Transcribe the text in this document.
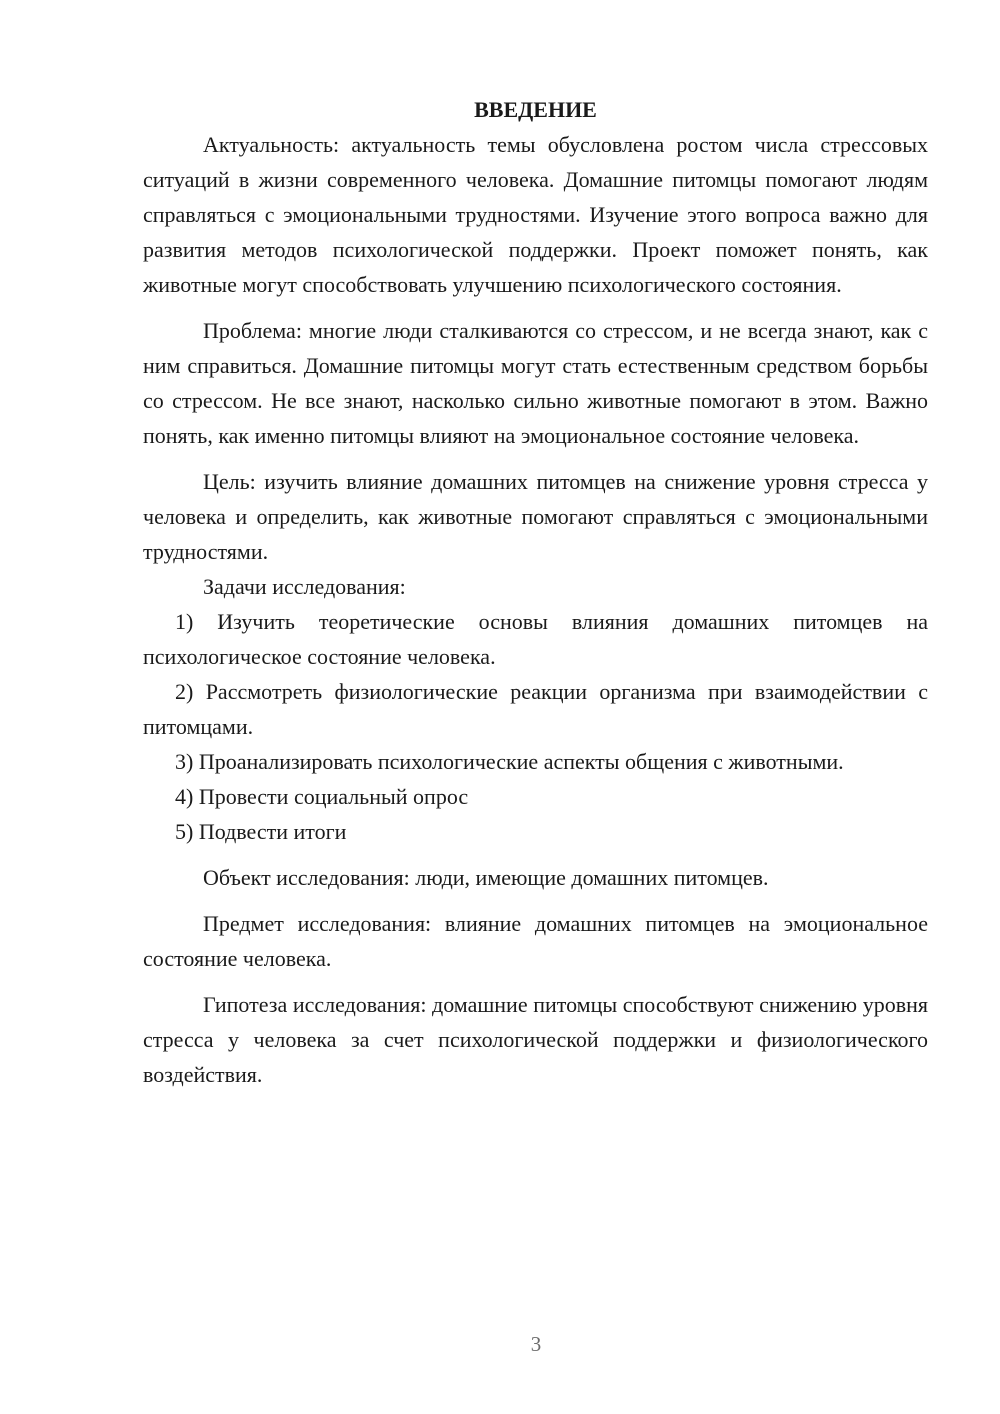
ВВЕДЕНИЕ

Актуальность: актуальность темы обусловлена ростом числа стрессовых ситуаций в жизни современного человека. Домашние питомцы помогают людям справляться с эмоциональными трудностями. Изучение этого вопроса важно для развития методов психологической поддержки. Проект поможет понять, как животные могут способствовать улучшению психологического состояния.

Проблема: многие люди сталкиваются со стрессом, и не всегда знают, как с ним справиться. Домашние питомцы могут стать естественным средством борьбы со стрессом. Не все знают, насколько сильно животные помогают в этом. Важно понять, как именно питомцы влияют на эмоциональное состояние человека.

Цель: изучить влияние домашних питомцев на снижение уровня стресса у человека и определить, как животные помогают справляться с эмоциональными трудностями.

Задачи исследования:

1) Изучить теоретические основы влияния домашних питомцев на психологическое состояние человека.

2) Рассмотреть физиологические реакции организма при взаимодействии с питомцами.

3) Проанализировать психологические аспекты общения с животными.

4) Провести социальный опрос

5) Подвести итоги

Объект исследования: люди, имеющие домашних питомцев.

Предмет исследования: влияние домашних питомцев на эмоциональное состояние человека.

Гипотеза исследования: домашние питомцы способствуют снижению уровня стресса у человека за счет психологической поддержки и физиологического воздействия.

3
